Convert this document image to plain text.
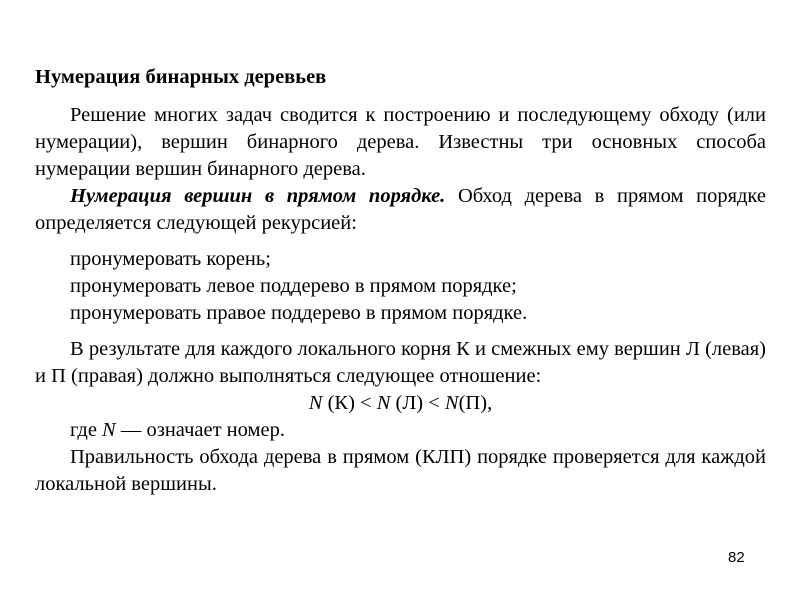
Нумерация бинарных деревьев

Решение многих задач сводится к построению и последующему обходу (или нумерации), вершин бинарного дерева. Известны три основных способа нумерации вершин бинарного дерева.

Нумерация вершин в прямом порядке. Обход дерева в прямом порядке определяется следующей рекурсией:

пронумеровать корень;
пронумеровать левое поддерево в прямом порядке;
пронумеровать правое поддерево в прямом порядке.

В результате для каждого локального корня К и смежных ему вершин Л (левая) и П (правая) должно выполняться следующее отношение:

N (К) < N (Л) < N(П),

где N — означает номер.

Правильность обхода дерева в прямом (КЛП) порядке проверяется для каждой локальной вершины.

82
